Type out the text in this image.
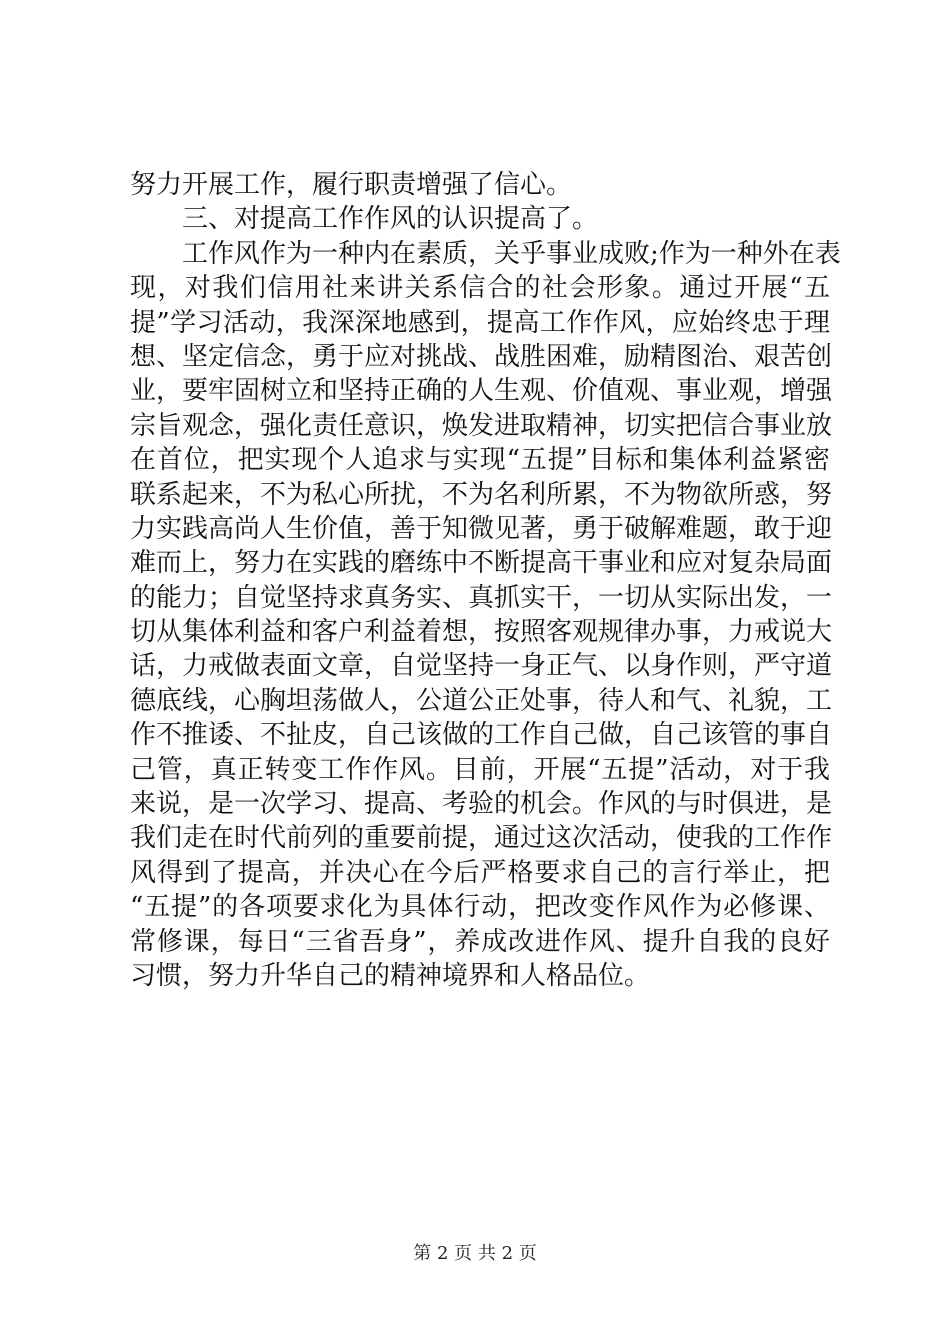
努力开展工作，履行职责增强了信心。
三、对提高工作作风的认识提高了。
工作风作为一种内在素质，关乎事业成败;作为一种外在表
现，对我们信用社来讲关系信合的社会形象。通过开展“五
提”学习活动，我深深地感到，提高工作作风，应始终忠于理
想、坚定信念，勇于应对挑战、战胜困难，励精图治、艰苦创
业，要牢固树立和坚持正确的人生观、价值观、事业观，增强
宗旨观念，强化责任意识，焕发进取精神，切实把信合事业放
在首位，把实现个人追求与实现“五提”目标和集体利益紧密
联系起来，不为私心所扰，不为名利所累，不为物欲所惑，努
力实践高尚人生价值，善于知微见著，勇于破解难题，敢于迎
难而上，努力在实践的磨练中不断提高干事业和应对复杂局面
的能力；自觉坚持求真务实、真抓实干，一切从实际出发，一
切从集体利益和客户利益着想，按照客观规律办事，力戒说大
话，力戒做表面文章，自觉坚持一身正气、以身作则，严守道
德底线，心胸坦荡做人，公道公正处事，待人和气、礼貌，工
作不推诿、不扯皮，自己该做的工作自己做，自己该管的事自
己管，真正转变工作作风。目前，开展“五提”活动，对于我
来说，是一次学习、提高、考验的机会。作风的与时俱进，是
我们走在时代前列的重要前提，通过这次活动，使我的工作作
风得到了提高，并决心在今后严格要求自己的言行举止，把
“五提”的各项要求化为具体行动，把改变作风作为必修课、
常修课，每日“三省吾身”，养成改进作风、提升自我的良好
习惯，努力升华自己的精神境界和人格品位。
第 2 页 共 2 页
